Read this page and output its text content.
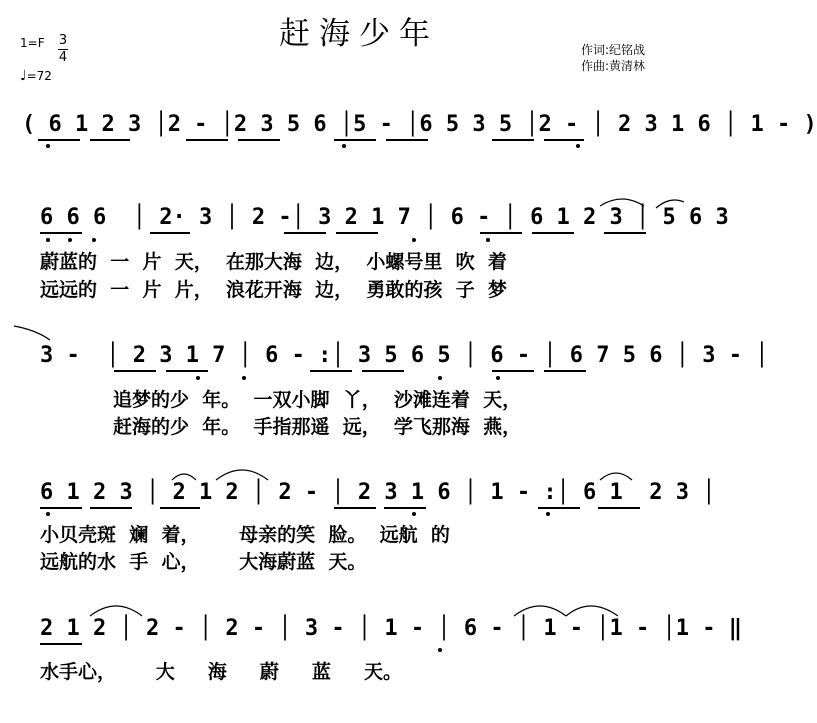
赶海少年
1=F 3
4
♩=72
作词:纪铭战
作曲:黄清林
( 6 1 2 3 │2 - │2 3 5 6 │5 - │6 5 3 5 │2 - │ 2 3 1 6 │ 1 - )
6 6 6  │ 2· 3 │ 2 -│ 3 2 1 7 │ 6 - │ 6 1 2 3 │ 5 6 3
蔚蓝的  一  片  天，  在那大海  边，  小螺号里  吹  着
远远的  一  片  片，  浪花开海  边，  勇敢的孩  子  梦
3 -  │ 2 3 1 7 │ 6 - :│ 3 5 6 5 │ 6 - │ 6 7 5 6 │ 3 - │
追梦的少  年。  一双小脚  丫，  沙滩连着  天，
赶海的少  年。  手指那遥  远，  学飞那海  燕，
6 1 2 3 │ 2 1 2 │ 2 - │ 2 3 1 6 │ 1 - :│ 6 1  2 3 │
小贝壳斑  斓  着，      母亲的笑  脸。  远航  的
远航的水  手  心，      大海蔚蓝  天。
2 1 2 │ 2 - │ 2 - │ 3 - │ 1 - │ 6 - │ 1 - │1 - │1 - ‖
水手心，      大     海     蔚     蓝     天。
